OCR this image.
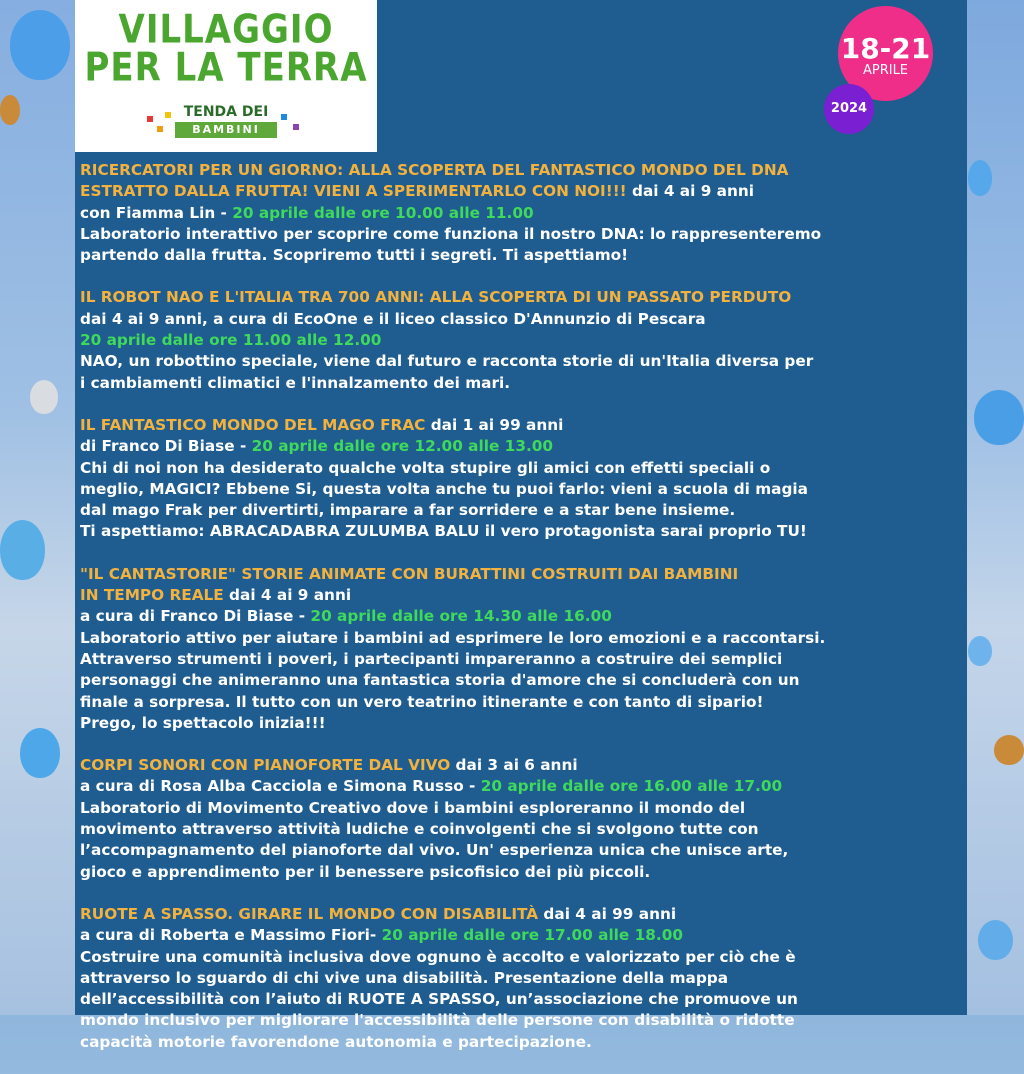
VILLAGGIO
PER LA TERRA
TENDA DEI
BAMBINI
18-21
APRILE
2024
RICERCATORI PER UN GIORNO: ALLA SCOPERTA DEL FANTASTICO MONDO DEL DNA
ESTRATTO DALLA FRUTTA! VIENI A SPERIMENTARLO CON NOI!!! dai 4 ai 9 anni
con Fiamma Lin - 20 aprile dalle ore 10.00 alle 11.00
Laboratorio interattivo per scoprire come funziona il nostro DNA: lo rappresenteremo
partendo dalla frutta. Scopriremo tutti i segreti. Ti aspettiamo!
IL ROBOT NAO E L'ITALIA TRA 700 ANNI: ALLA SCOPERTA DI UN PASSATO PERDUTO
dai 4 ai 9 anni, a cura di EcoOne e il liceo classico D'Annunzio di Pescara
20 aprile dalle ore 11.00 alle 12.00
NAO, un robottino speciale, viene dal futuro e racconta storie di un'Italia diversa per
i cambiamenti climatici e l'innalzamento dei mari.
IL FANTASTICO MONDO DEL MAGO FRAC dai 1 ai 99 anni
di Franco Di Biase - 20 aprile dalle ore 12.00 alle 13.00
Chi di noi non ha desiderato qualche volta stupire gli amici con effetti speciali o
meglio, MAGICI? Ebbene Si, questa volta anche tu puoi farlo: vieni a scuola di magia
dal mago Frak per divertirti, imparare a far sorridere e a star bene insieme.
Ti aspettiamo: ABRACADABRA ZULUMBA BALU il vero protagonista sarai proprio TU!
"IL CANTASTORIE" STORIE ANIMATE CON BURATTINI COSTRUITI DAI BAMBINI
IN TEMPO REALE dai 4 ai 9 anni
a cura di Franco Di Biase - 20 aprile dalle ore 14.30 alle 16.00
Laboratorio attivo per aiutare i bambini ad esprimere le loro emozioni e a raccontarsi.
Attraverso strumenti i poveri, i partecipanti impareranno a costruire dei semplici
personaggi che animeranno una fantastica storia d'amore che si concluderà con un
finale a sorpresa. Il tutto con un vero teatrino itinerante e con tanto di sipario!
Prego, lo spettacolo inizia!!!
CORPI SONORI CON PIANOFORTE DAL VIVO dai 3 ai 6 anni
a cura di Rosa Alba Cacciola e Simona Russo - 20 aprile dalle ore 16.00 alle 17.00
Laboratorio di Movimento Creativo dove i bambini esploreranno il mondo del
movimento attraverso attività ludiche e coinvolgenti che si svolgono tutte con
l’accompagnamento del pianoforte dal vivo. Un' esperienza unica che unisce arte,
gioco e apprendimento per il benessere psicofisico dei più piccoli.
RUOTE A SPASSO. GIRARE IL MONDO CON DISABILITÀ dai 4 ai 99 anni
a cura di Roberta e Massimo Fiori- 20 aprile dalle ore 17.00 alle 18.00
Costruire una comunità inclusiva dove ognuno è accolto e valorizzato per ciò che è
attraverso lo sguardo di chi vive una disabilità. Presentazione della mappa
dell’accessibilità con l’aiuto di RUOTE A SPASSO, un’associazione che promuove un
mondo inclusivo per migliorare l'accessibilità delle persone con disabilità o ridotte
capacità motorie favorendone autonomia e partecipazione.
